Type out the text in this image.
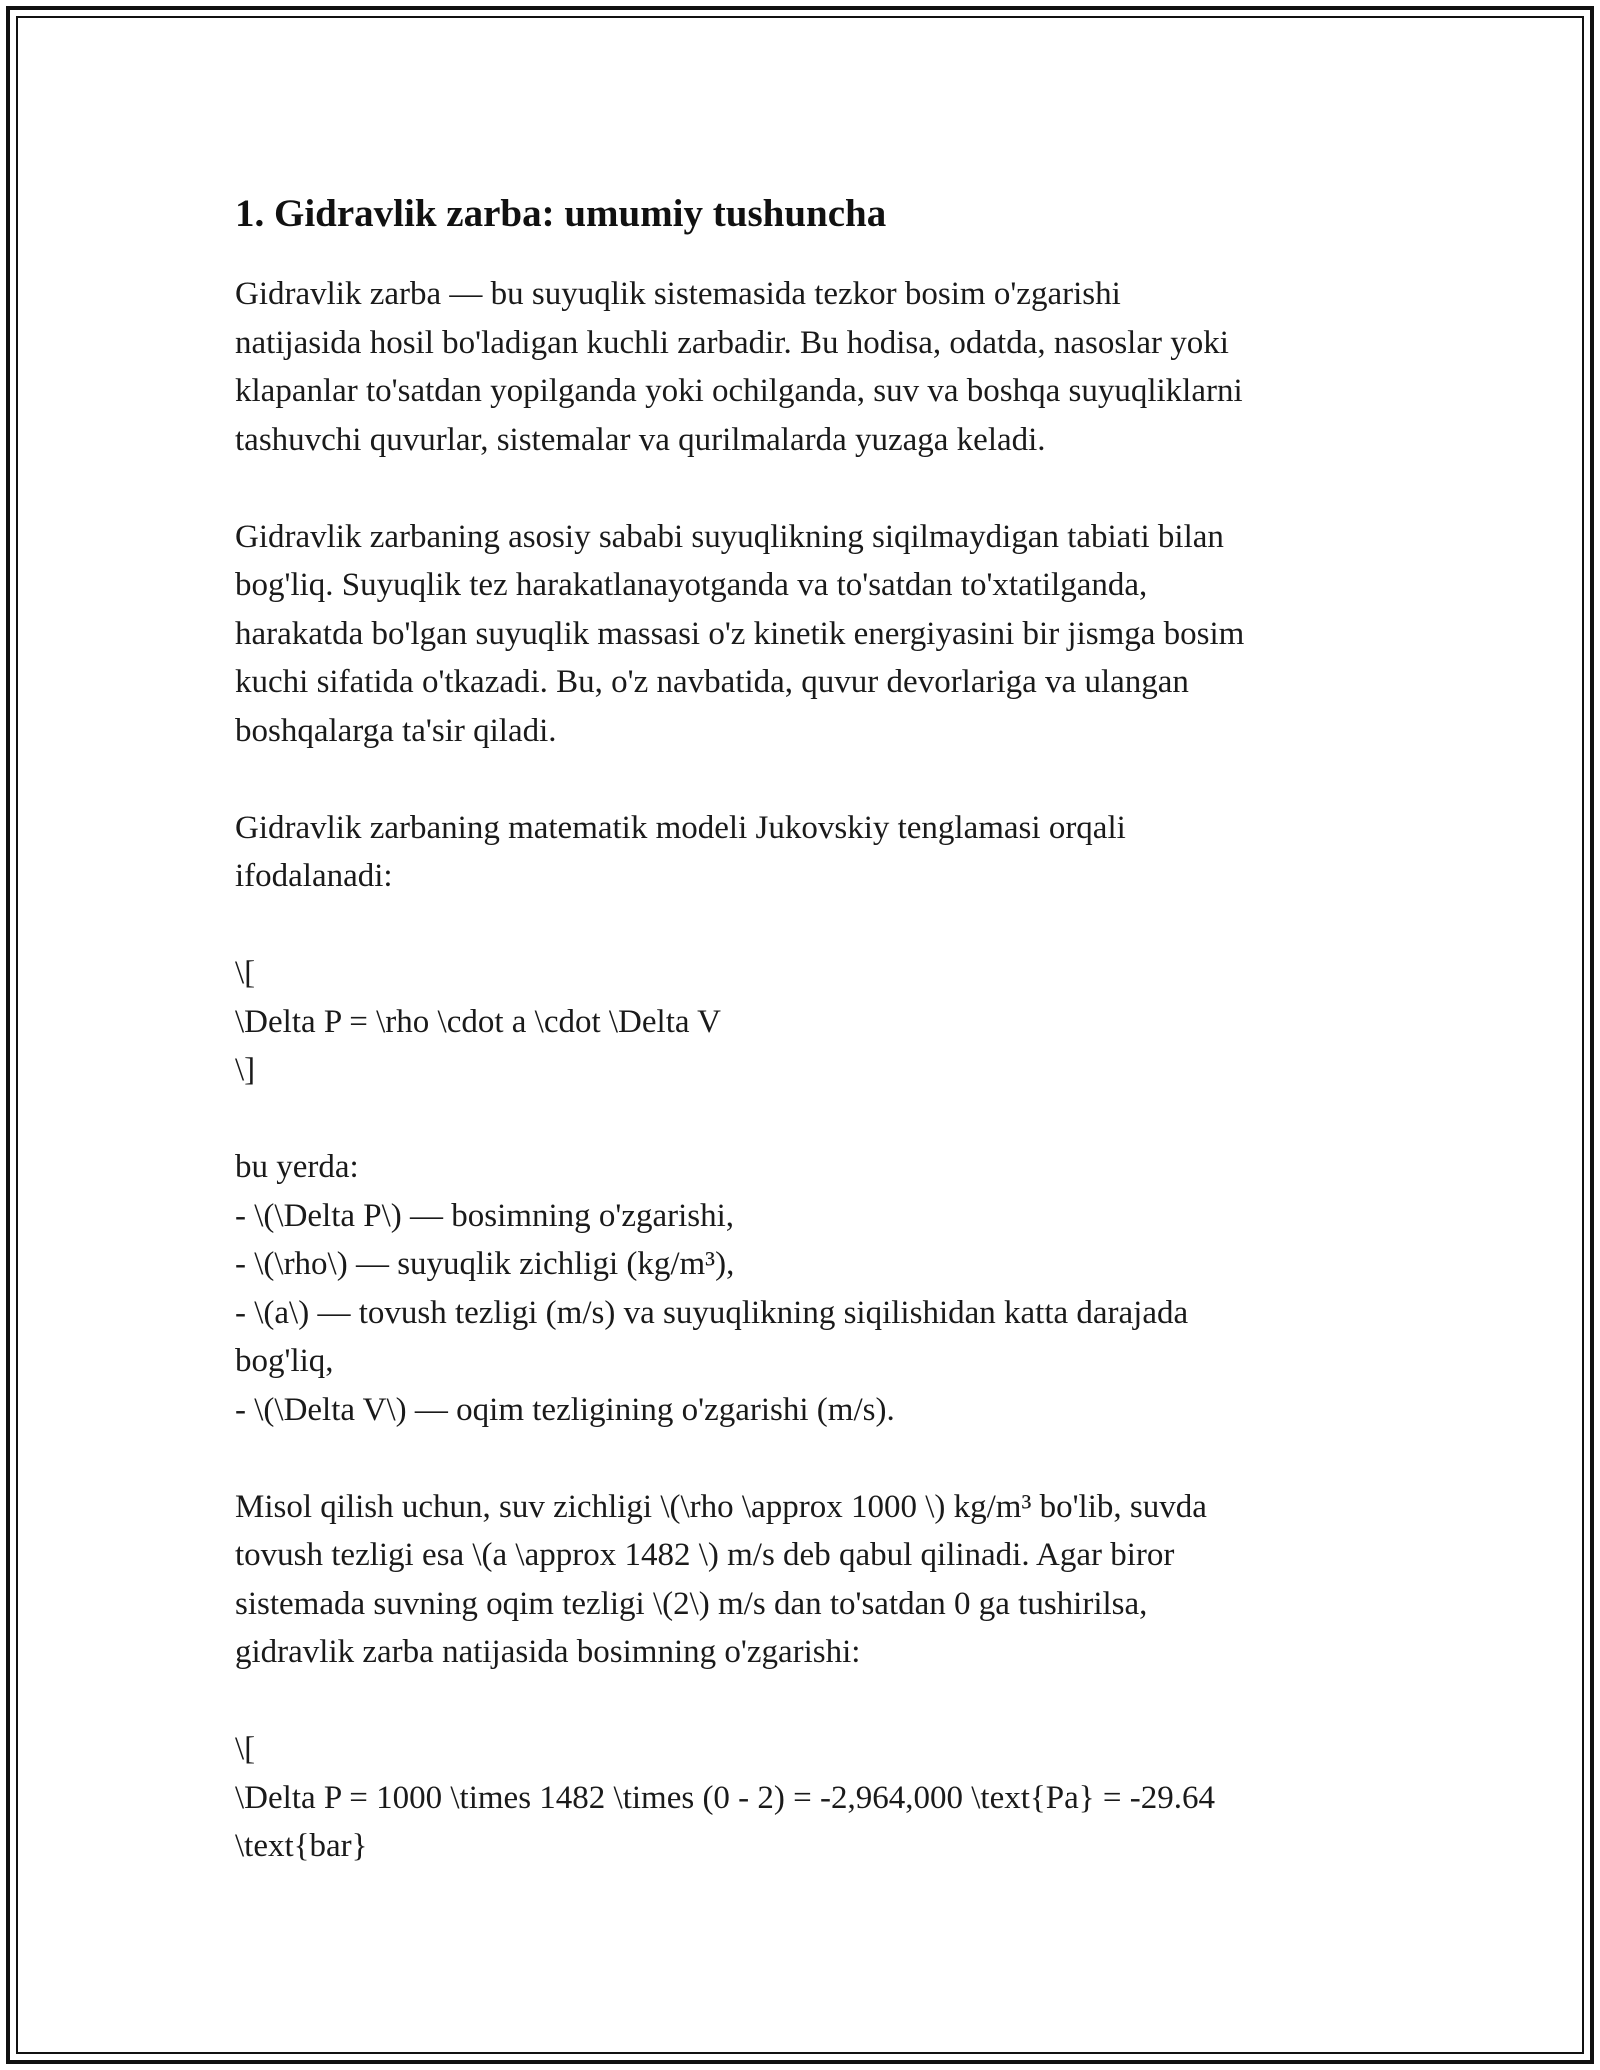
1. Gidravlik zarba: umumiy tushuncha
Gidravlik zarba — bu suyuqlik sistemasida tezkor bosim o'zgarishi
natijasida hosil bo'ladigan kuchli zarbadir. Bu hodisa, odatda, nasoslar yoki
klapanlar to'satdan yopilganda yoki ochilganda, suv va boshqa suyuqliklarni
tashuvchi quvurlar, sistemalar va qurilmalarda yuzaga keladi.
Gidravlik zarbaning asosiy sababi suyuqlikning siqilmaydigan tabiati bilan
bog'liq. Suyuqlik tez harakatlanayotganda va to'satdan to'xtatilganda,
harakatda bo'lgan suyuqlik massasi o'z kinetik energiyasini bir jismga bosim
kuchi sifatida o'tkazadi. Bu, o'z navbatida, quvur devorlariga va ulangan
boshqalarga ta'sir qiladi.
Gidravlik zarbaning matematik modeli Jukovskiy tenglamasi orqali
ifodalanadi:
\[
\Delta P = \rho \cdot a \cdot \Delta V
\]
bu yerda:
- \(\Delta P\) — bosimning o'zgarishi,
- \(\rho\) — suyuqlik zichligi (kg/m³),
- \(a\) — tovush tezligi (m/s) va suyuqlikning siqilishidan katta darajada
bog'liq,
- \(\Delta V\) — oqim tezligining o'zgarishi (m/s).
Misol qilish uchun, suv zichligi \(\rho \approx 1000 \) kg/m³ bo'lib, suvda
tovush tezligi esa \(a \approx 1482 \) m/s deb qabul qilinadi. Agar biror
sistemada suvning oqim tezligi \(2\) m/s dan to'satdan 0 ga tushirilsa,
gidravlik zarba natijasida bosimning o'zgarishi:
\[
\Delta P = 1000 \times 1482 \times (0 - 2) = -2,964,000 \text{Pa} = -29.64
\text{bar}
